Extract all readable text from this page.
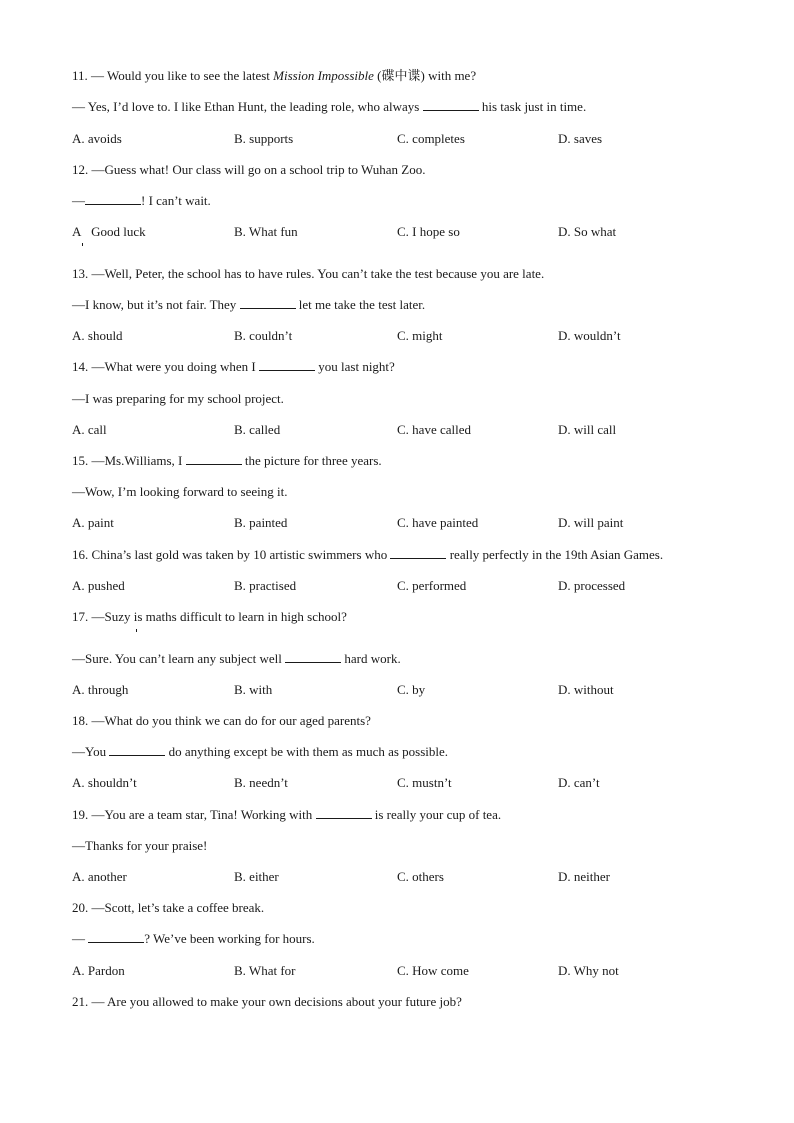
11. — Would you like to see the latest Mission Impossible (碟中谍) with me?
— Yes, I’d love to. I like Ethan Hunt, the leading role, who always	his task just in time.
A. avoids	B. supports	C. completes	D. saves
12. —Guess what! Our class will go on a school trip to Wuhan Zoo.
—	! I can’t wait.
A Good luck	B. What fun	C. I hope so	D. So what
13. —Well, Peter, the school has to have rules. You can’t take the test because you are late.
—I know, but it’s not fair. They	let me take the test later.
A. should	B. couldn’t	C. might	D. wouldn’t
14. —What were you doing when I	you last night?
—I was preparing for my school project.
A. call	B. called	C. have called	D. will call
15. —Ms.Williams, I	the picture for three years.
—Wow, I’m looking forward to seeing it.
A. paint	B. painted	C. have painted	D. will paint
16. China’s last gold was taken by 10 artistic swimmers who	really perfectly in the 19th Asian Games.
A. pushed	B. practised	C. performed	D. processed
17. —Suzy is maths difficult to learn in high school?
—Sure. You can’t learn any subject well	hard work.
A. through	B. with	C. by	D. without
18. —What do you think we can do for our aged parents?
—You	do anything except be with them as much as possible.
A. shouldn’t	B. needn’t	C. mustn’t	D. can’t
19. —You are a team star, Tina! Working with	is really your cup of tea.
—Thanks for your praise!
A. another	B. either	C. others	D. neither
20. —Scott, let’s take a coffee break.
—	? We’ve been working for hours.
A. Pardon	B. What for	C. How come	D. Why not
21. — Are you allowed to make your own decisions about your future job?
